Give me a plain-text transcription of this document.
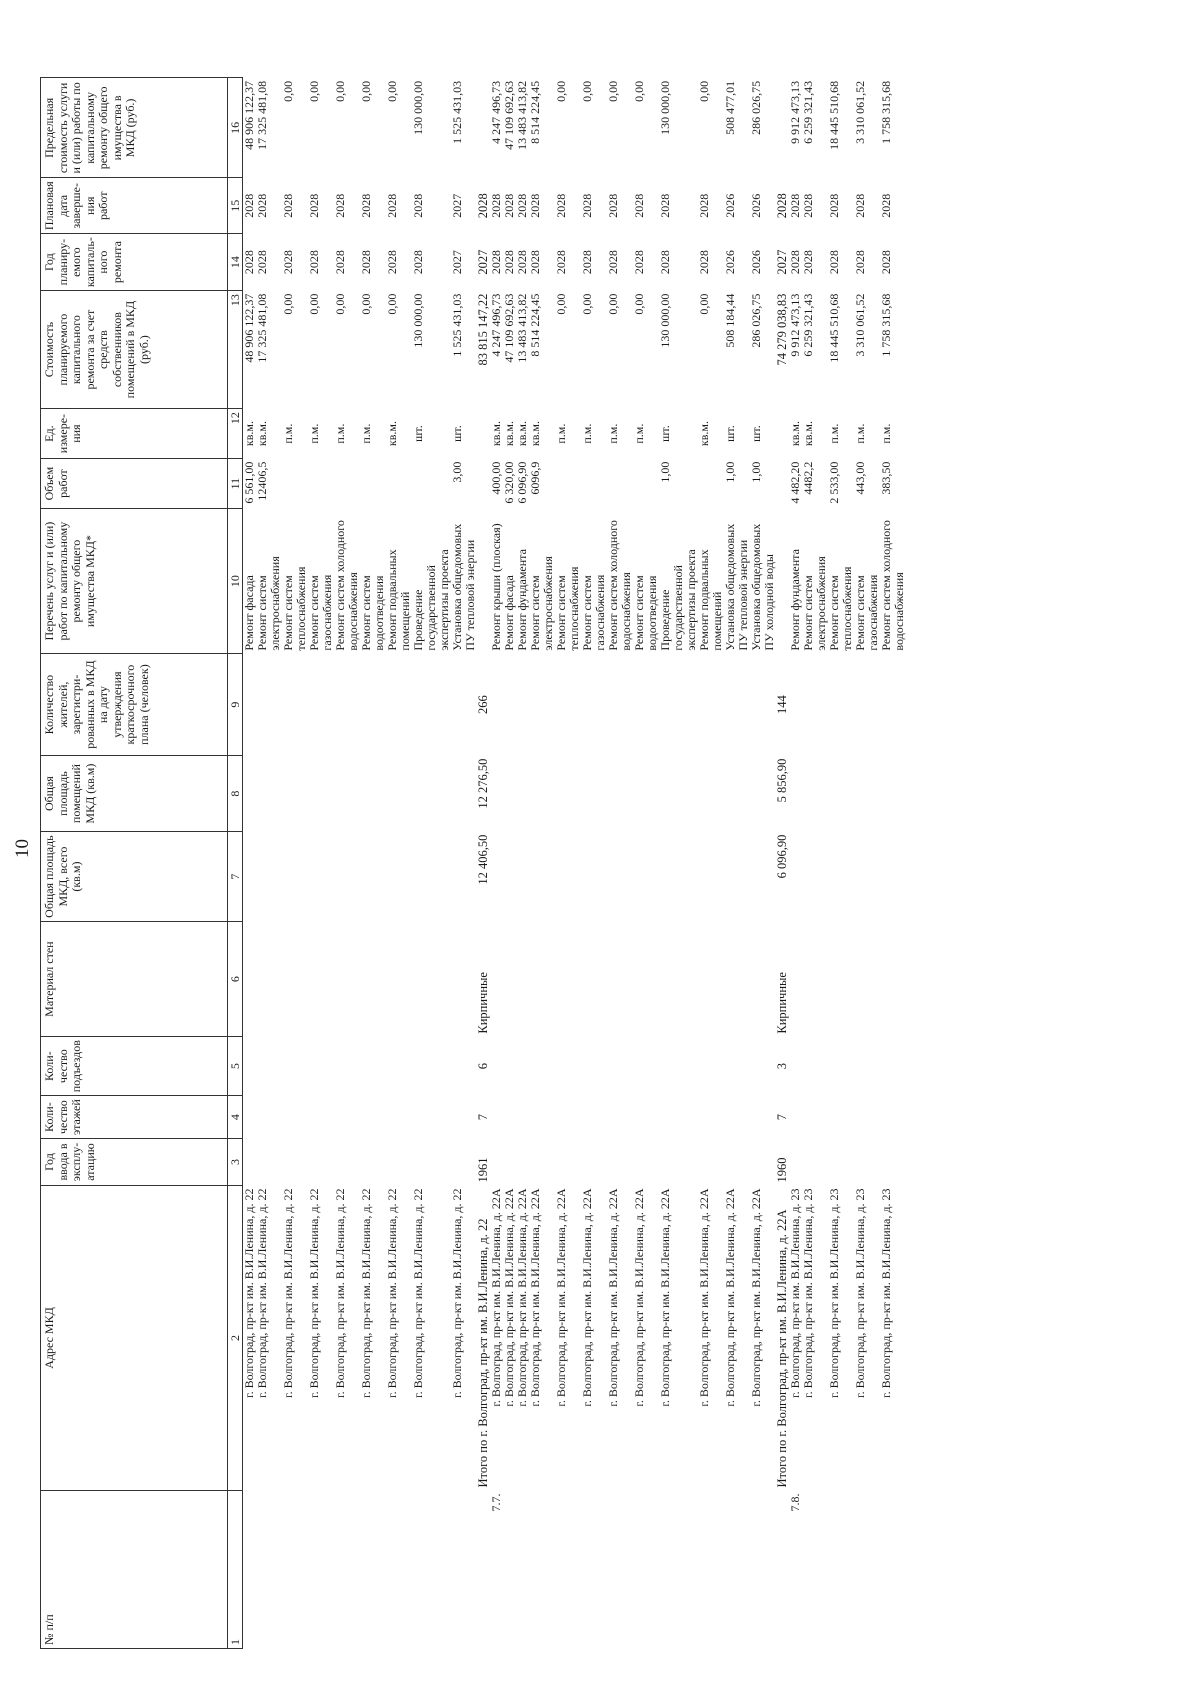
10
№ п/п	Адрес МКД	Год ввода в эксплу-атацию	Коли-чество этажей	Коли-чество подъездов	Материал стен	Общая площадь МКД, всего (кв.м)	Общая площадь помещений МКД (кв.м)	Количество жителей, зарегистри-рованных в МКД на дату утверждения краткосрочного плана (человек)	Перечень услуг и (или) работ по капитальному ремонту общего имущества МКД*	Объем работ	Ед. измере-ния	Стоимость планируемого капитального ремонта за счет средств собственников помещений в МКД (руб.)	Год планиру-емого капиталь-ного ремонта	Плановая дата заверше-ния работ	Предельная стоимость услуги и (или) работы по капитальному ремонту общего имущества в МКД (руб.)
1	2	3	4	5	6	7	8	9	10	11	12	13	14	15	16
	г. Волгоград, пр-кт им. В.И.Ленина, д. 22								Ремонт фасада	6 561,00	кв.м.	48 906 122,37	2028	2028	48 906 122,37
	г. Волгоград, пр-кт им. В.И.Ленина, д. 22								Ремонт систем электроснабжения	12406,5	кв.м.	17 325 481,08	2028	2028	17 325 481,08
	г. Волгоград, пр-кт им. В.И.Ленина, д. 22								Ремонт систем теплоснабжения		п.м.	0,00	2028	2028	0,00
	г. Волгоград, пр-кт им. В.И.Ленина, д. 22								Ремонт систем газоснабжения		п.м.	0,00	2028	2028	0,00
	г. Волгоград, пр-кт им. В.И.Ленина, д. 22								Ремонт систем холодного водоснабжения		п.м.	0,00	2028	2028	0,00
	г. Волгоград, пр-кт им. В.И.Ленина, д. 22								Ремонт систем водоотведения		п.м.	0,00	2028	2028	0,00
	г. Волгоград, пр-кт им. В.И.Ленина, д. 22								Ремонт подвальных помещений		кв.м.	0,00	2028	2028	0,00
	г. Волгоград, пр-кт им. В.И.Ленина, д. 22								Проведение государственной экспертизы проекта		шт.	130 000,00	2028	2028	130 000,00
	г. Волгоград, пр-кт им. В.И.Ленина, д. 22								Установка общедомовых ПУ тепловой энергии	3,00	шт.	1 525 431,03	2027	2027	1 525 431,03
	Итого по г. Волгоград, пр-кт им. В.И.Ленина, д. 22	1961	7	6	Кирпичные	12 406,50	12 276,50	266				83 815 147,22	2027	2028	
7.7.	г. Волгоград, пр-кт им. В.И.Ленина, д. 22А								Ремонт крыши (плоская)	400,00	кв.м.	4 247 496,73	2028	2028	4 247 496,73
	г. Волгоград, пр-кт им. В.И.Ленина, д. 22А								Ремонт фасада	6 320,00	кв.м.	47 109 692,63	2028	2028	47 109 692,63
	г. Волгоград, пр-кт им. В.И.Ленина, д. 22А								Ремонт фундамента	6 096,90	кв.м.	13 483 413,82	2028	2028	13 483 413,82
	г. Волгоград, пр-кт им. В.И.Ленина, д. 22А								Ремонт систем электроснабжения	6096,9	кв.м.	8 514 224,45	2028	2028	8 514 224,45
	г. Волгоград, пр-кт им. В.И.Ленина, д. 22А								Ремонт систем теплоснабжения		п.м.	0,00	2028	2028	0,00
	г. Волгоград, пр-кт им. В.И.Ленина, д. 22А								Ремонт систем газоснабжения		п.м.	0,00	2028	2028	0,00
	г. Волгоград, пр-кт им. В.И.Ленина, д. 22А								Ремонт систем холодного водоснабжения		п.м.	0,00	2028	2028	0,00
	г. Волгоград, пр-кт им. В.И.Ленина, д. 22А								Ремонт систем водоотведения		п.м.	0,00	2028	2028	0,00
	г. Волгоград, пр-кт им. В.И.Ленина, д. 22А								Проведение государственной экспертизы проекта	1,00	шт.	130 000,00	2028	2028	130 000,00
	г. Волгоград, пр-кт им. В.И.Ленина, д. 22А								Ремонт подвальных помещений		кв.м.	0,00	2028	2028	0,00
	г. Волгоград, пр-кт им. В.И.Ленина, д. 22А								Установка общедомовых ПУ тепловой энергии	1,00	шт.	508 184,44	2026	2026	508 477,01
	г. Волгоград, пр-кт им. В.И.Ленина, д. 22А								Установка общедомовых ПУ холодной воды	1,00	шт.	286 026,75	2026	2026	286 026,75
	Итого по г. Волгоград, пр-кт им. В.И.Ленина, д. 22А	1960	7	3	Кирпичные	6 096,90	5 856,90	144				74 279 038,83	2027	2028	
7.8.	г. Волгоград, пр-кт им. В.И.Ленина, д. 23								Ремонт фундамента	4 482,20	кв.м.	9 912 473,13	2028	2028	9 912 473,13
	г. Волгоград, пр-кт им. В.И.Ленина, д. 23								Ремонт систем электроснабжения	4482,2	кв.м.	6 259 321,43	2028	2028	6 259 321,43
	г. Волгоград, пр-кт им. В.И.Ленина, д. 23								Ремонт систем теплоснабжения	2 533,00	п.м.	18 445 510,68	2028	2028	18 445 510,68
	г. Волгоград, пр-кт им. В.И.Ленина, д. 23								Ремонт систем газоснабжения	443,00	п.м.	3 310 061,52	2028	2028	3 310 061,52
	г. Волгоград, пр-кт им. В.И.Ленина, д. 23								Ремонт систем холодного водоснабжения	383,50	п.м.	1 758 315,68	2028	2028	1 758 315,68
